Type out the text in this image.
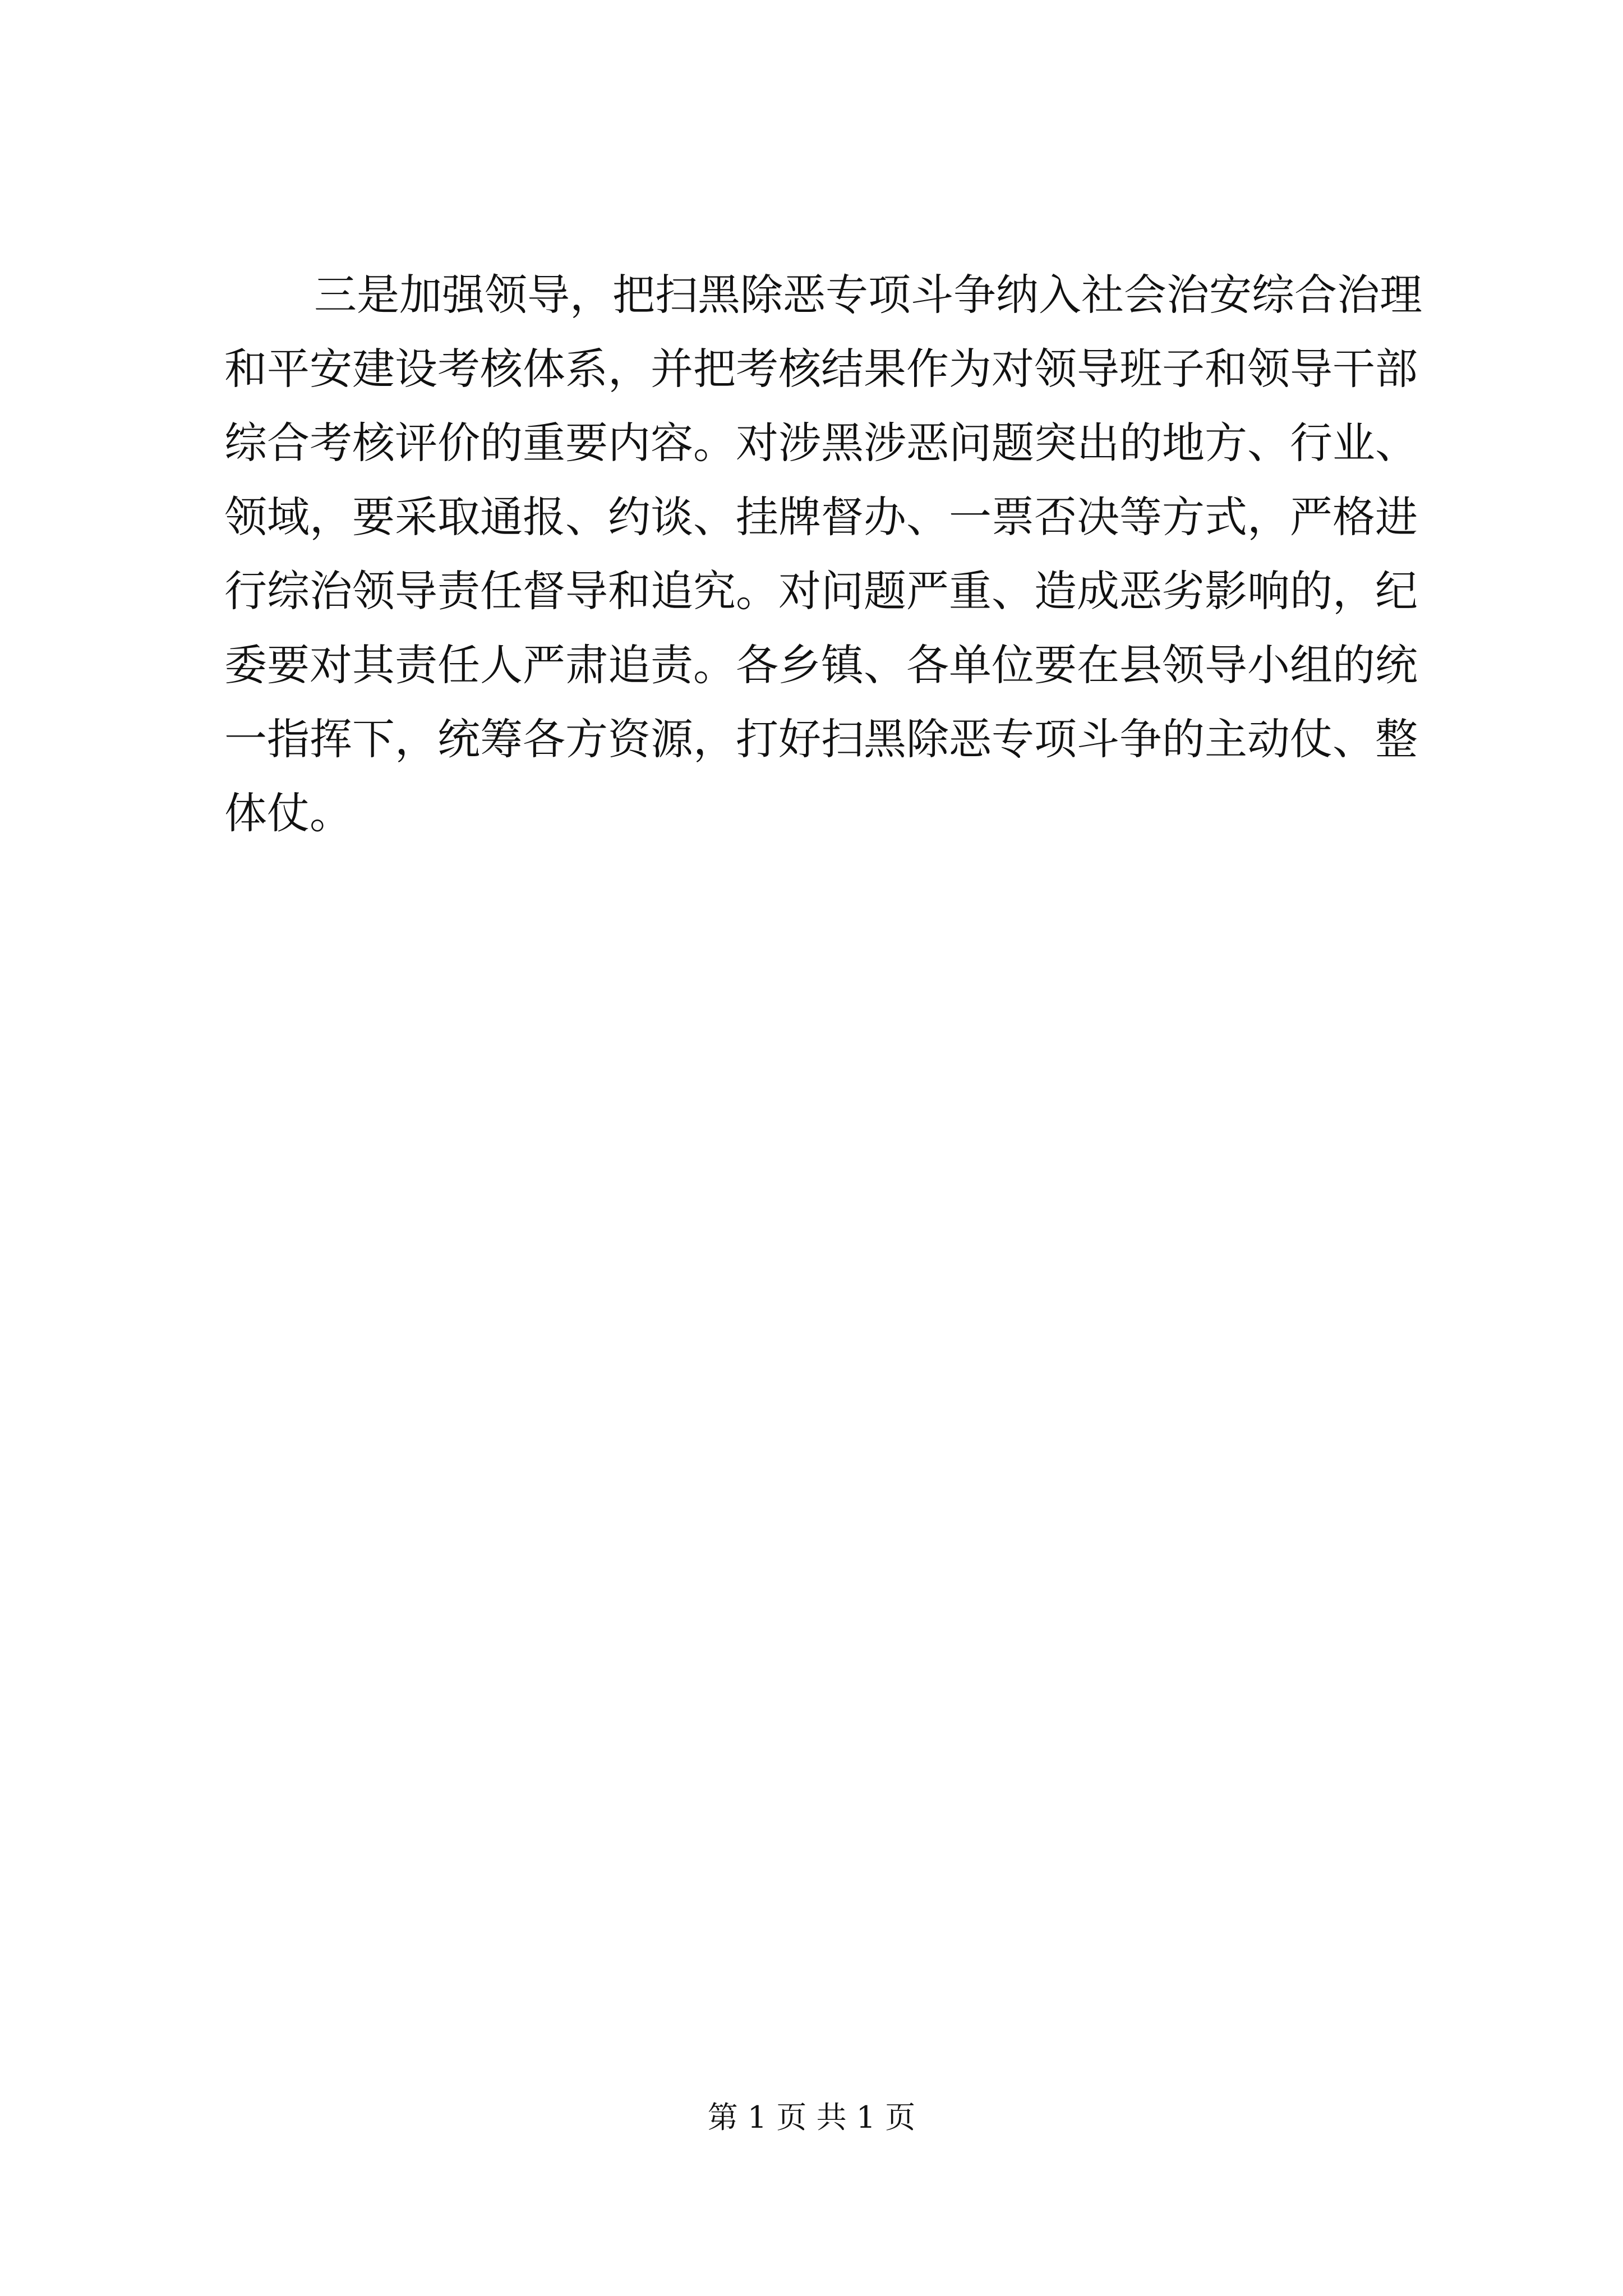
三是加强领导，把扫黑除恶专项斗争纳入社会治安综合治理
和平安建设考核体系，并把考核结果作为对领导班子和领导干部
综合考核评价的重要内容。对涉黑涉恶问题突出的地方、行业、
领域，要采取通报、约谈、挂牌督办、一票否决等方式，严格进
行综治领导责任督导和追究。对问题严重、造成恶劣影响的，纪
委要对其责任人严肃追责。各乡镇、各单位要在县领导小组的统
一指挥下，统筹各方资源，打好扫黑除恶专项斗争的主动仗、整
体仗。
第 1 页 共 1 页
